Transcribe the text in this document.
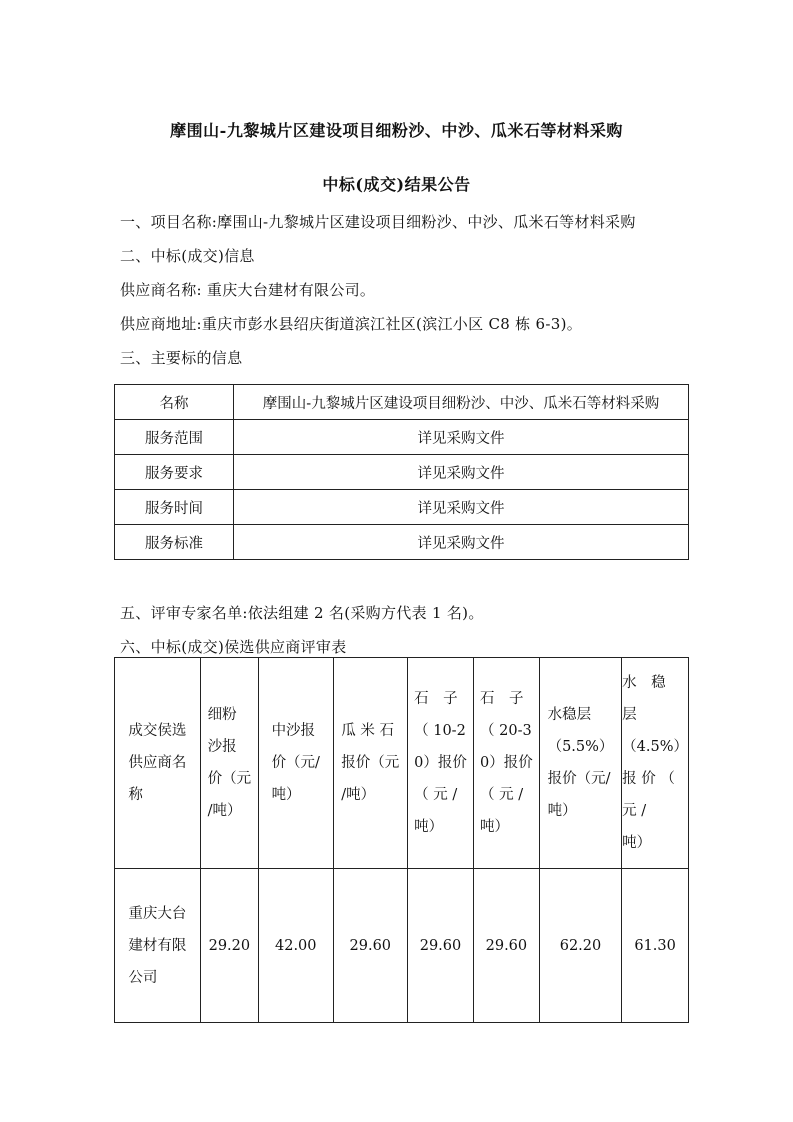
摩围山-九黎城片区建设项目细粉沙、中沙、瓜米石等材料采购
中标(成交)结果公告
一、项目名称:摩围山-九黎城片区建设项目细粉沙、中沙、瓜米石等材料采购
二、中标(成交)信息
供应商名称: 重庆大台建材有限公司。
供应商地址:重庆市彭水县绍庆街道滨江社区(滨江小区 C8 栋 6-3)。
三、主要标的信息
名称	摩围山-九黎城片区建设项目细粉沙、中沙、瓜米石等材料采购
服务范围	详见采购文件
服务要求	详见采购文件
服务时间	详见采购文件
服务标准	详见采购文件
五、评审专家名单:依法组建 2 名(采购方代表 1 名)。
六、中标(成交)侯选供应商评审表
成交侯选
供应商名
称	细粉
沙报
价（元
/吨）	中沙报
价（元/
吨）	瓜 米 石
报价（元
/吨）	石　子
（ 10-2
0）报价
（ 元 /
吨）	石　子
（ 20-3
0）报价
（ 元 /
吨）	水稳层
（5.5%）
报价（元/
吨）	水　稳　层
（4.5%）
报 价 （ 元 /
吨）
重庆大台
建材有限
公司	29.20	42.00	29.60	29.60	29.60	62.20	61.30
